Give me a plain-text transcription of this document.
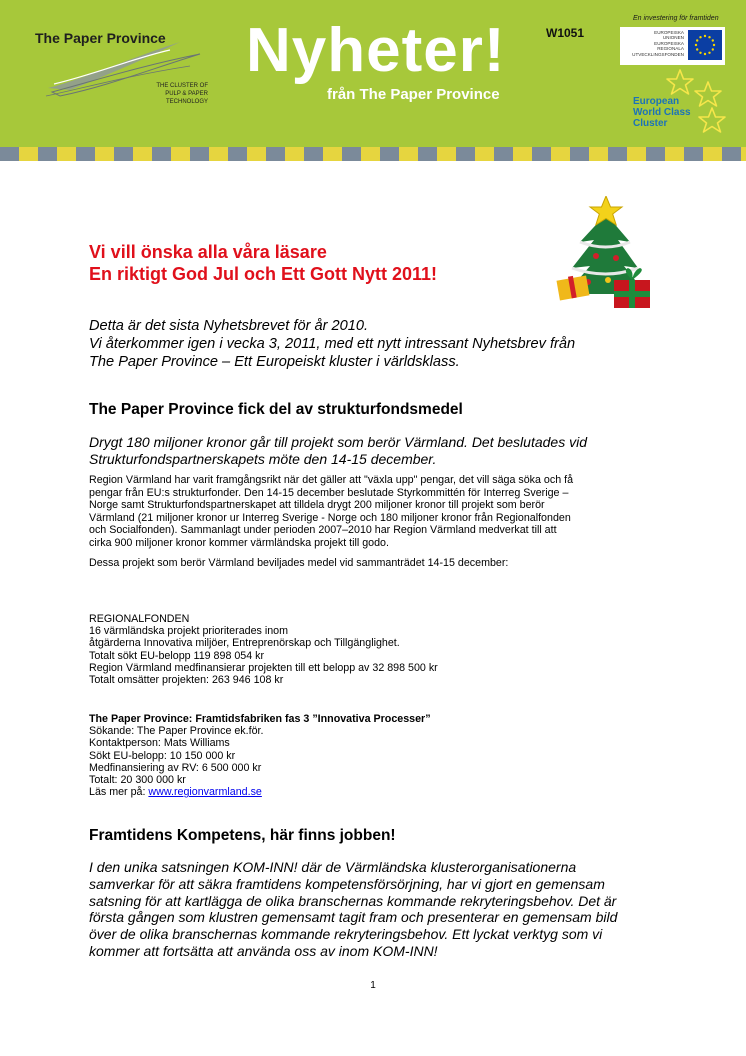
The Paper Province
THE CLUSTER OF
PULP & PAPER TECHNOLOGY
Nyheter!
från The Paper Province
W1051
En investering för framtiden
EUROPEISKA
UNIONEN
EUROPEISKA
REGIONALA
UTVECKLINGSFONDEN
European
World Class
Cluster
Vi vill önska alla våra läsare
En riktigt God Jul och Ett Gott Nytt 2011!
Detta är det sista Nyhetsbrevet för år 2010.
Vi återkommer igen i vecka 3, 2011, med ett nytt intressant Nyhetsbrev från
The Paper Province – Ett Europeiskt kluster i världsklass.
The Paper Province fick del av strukturfondsmedel
Drygt 180 miljoner kronor går till projekt som berör Värmland. Det beslutades vid
Strukturfondspartnerskapets möte den 14-15 december.
Region Värmland har varit framgångsrikt när det gäller att "växla upp" pengar, det vill säga söka och få
pengar från EU:s strukturfonder. Den 14-15 december beslutade Styrkommittén för Interreg Sverige –
Norge samt Strukturfondspartnerskapet att tilldela drygt 200 miljoner kronor till projekt som berör
Värmland (21 miljoner kronor ur Interreg Sverige - Norge och 180 miljoner kronor från Regionalfonden
och Socialfonden). Sammanlagt under perioden 2007–2010 har Region Värmland medverkat till att
cirka 900 miljoner kronor kommer värmländska projekt till godo.
Dessa projekt som berör Värmland beviljades medel vid sammanträdet 14-15 december:
REGIONALFONDEN
16 värmländska projekt prioriterades inom
åtgärderna Innovativa miljöer, Entreprenörskap och Tillgänglighet.
Totalt sökt EU-belopp 119 898 054 kr
Region Värmland medfinansierar projekten till ett belopp av 32 898 500 kr
Totalt omsätter projekten: 263 946 108 kr
The Paper Province: Framtidsfabriken fas 3 ”Innovativa Processer”
Sökande: The Paper Province ek.för.
Kontaktperson: Mats Williams
Sökt EU-belopp: 10 150 000 kr
Medfinansiering av RV: 6 500 000 kr
Totalt: 20 300 000 kr
Läs mer på: www.regionvarmland.se
Framtidens Kompetens, här finns jobben!
I den unika satsningen KOM-INN! där de Värmländska klusterorganisationerna
samverkar för att säkra framtidens kompetensförsörjning, har vi gjort en gemensam
satsning för att kartlägga de olika branschernas kommande rekryteringsbehov. Det är
första gången som klustren gemensamt tagit fram och presenterar en gemensam bild
över de olika branschernas kommande rekryteringsbehov. Ett lyckat verktyg som vi
kommer att fortsätta att använda oss av inom KOM-INN!
1
